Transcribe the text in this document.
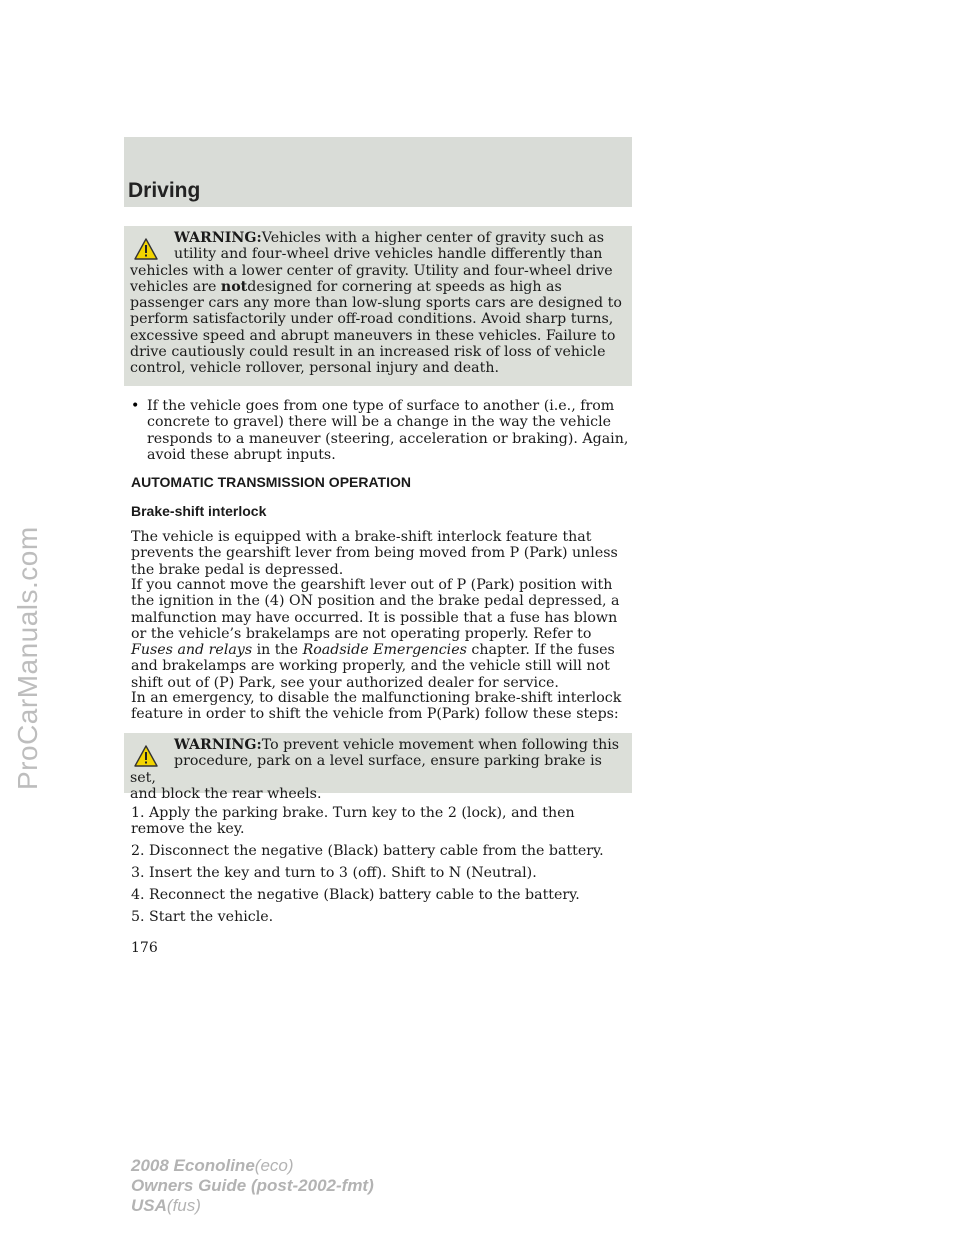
Driving

WARNING:Vehicles with a higher center of gravity such as
utility and four-wheel drive vehicles handle differently than
vehicles with a lower center of gravity. Utility and four-wheel drive
vehicles are notdesigned for cornering at speeds as high as passenger cars any more than low-slung sports cars are designed to perform satisfactorily under off-road conditions. Avoid sharp turns, excessive speed and abrupt maneuvers in these vehicles. Failure to drive cautiously could result in an increased risk of loss of vehicle control, vehicle rollover, personal injury and death.

• If the vehicle goes from one type of surface to another (i.e., from concrete to gravel) there will be a change in the way the vehicle responds to a maneuver (steering, acceleration or braking). Again, avoid these abrupt inputs.

AUTOMATIC TRANSMISSION OPERATION

Brake-shift interlock

The vehicle is equipped with a brake-shift interlock feature that prevents the gearshift lever from being moved from P (Park) unless the brake pedal is depressed.

If you cannot move the gearshift lever out of P (Park) position with the ignition in the (4) ON position and the brake pedal depressed, a malfunction may have occurred. It is possible that a fuse has blown or the vehicle’s brakelamps are not operating properly. Refer to Fuses and relays in the Roadside Emergencies chapter. If the fuses and brakelamps are working properly, and the vehicle still will not shift out of (P) Park, see your authorized dealer for service.

In an emergency, to disable the malfunctioning brake-shift interlock feature in order to shift the vehicle from P(Park) follow these steps:

WARNING:To prevent vehicle movement when following this
procedure, park on a level surface, ensure parking brake is set,
and block the rear wheels.

1. Apply the parking brake. Turn key to the 2 (lock), and then remove the key.

2. Disconnect the negative (Black) battery cable from the battery.

3. Insert the key and turn to 3 (off). Shift to N (Neutral).

4. Reconnect the negative (Black) battery cable to the battery.

5. Start the vehicle.

176

2008 Econoline(eco)

Owners Guide (post-2002-fmt)

USA(fus)

ProCarManuals.com
